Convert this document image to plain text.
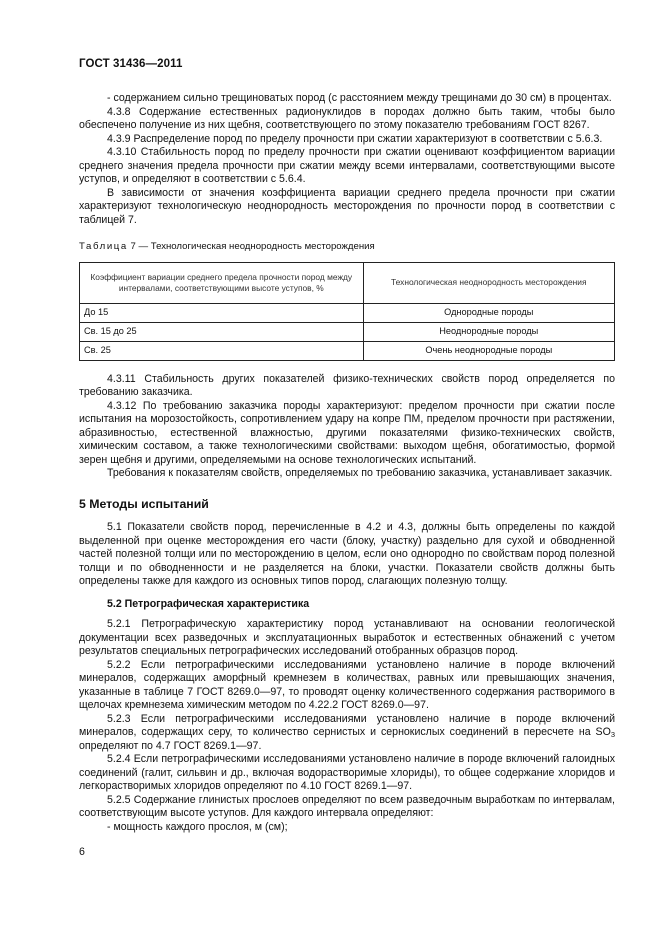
ГОСТ 31436—2011

- содержанием сильно трещиноватых пород (с расстоянием между трещинами до 30 см) в процентах.

4.3.8 Содержание естественных радионуклидов в породах должно быть таким, чтобы было обеспечено получение из них щебня, соответствующего по этому показателю требованиям ГОСТ 8267.

4.3.9 Распределение пород по пределу прочности при сжатии характеризуют в соответствии с 5.6.3.

4.3.10 Стабильность пород по пределу прочности при сжатии оценивают коэффициентом вариации среднего значения предела прочности при сжатии между всеми интервалами, соответствующими высоте уступов, и определяют в соответствии с 5.6.4.

В зависимости от значения коэффициента вариации среднего предела прочности при сжатии характеризуют технологическую неоднородность месторождения по прочности пород в соответствии с таблицей 7.

Таблица 7 — Технологическая неоднородность месторождения
Коэффициент вариации среднего предела прочности пород между интервалами, соответствующими высоте уступов, %	Технологическая неоднородность месторождения
До 15	Однородные породы
Св. 15 до 25	Неоднородные породы
Св. 25	Очень неоднородные породы

4.3.11 Стабильность других показателей физико-технических свойств пород определяется по требованию заказчика.

4.3.12 По требованию заказчика породы характеризуют: пределом прочности при сжатии после испытания на морозостойкость, сопротивлением удару на копре ПМ, пределом прочности при растяжении, абразивностью, естественной влажностью, другими показателями физико-технических свойств, химическим составом, а также технологическими свойствами: выходом щебня, обогатимостью, формой зерен щебня и другими, определяемыми на основе технологических испытаний.

Требования к показателям свойств, определяемых по требованию заказчика, устанавливает заказчик.

5 Методы испытаний

5.1 Показатели свойств пород, перечисленные в 4.2 и 4.3, должны быть определены по каждой выделенной при оценке месторождения его части (блоку, участку) раздельно для сухой и обводненной частей полезной толщи или по месторождению в целом, если оно однородно по свойствам пород полезной толщи и по обводненности и не разделяется на блоки, участки. Показатели свойств должны быть определены также для каждого из основных типов пород, слагающих полезную толщу.

5.2 Петрографическая характеристика

5.2.1 Петрографическую характеристику пород устанавливают на основании геологической документации всех разведочных и эксплуатационных выработок и естественных обнажений с учетом результатов специальных петрографических исследований отобранных образцов пород.

5.2.2 Если петрографическими исследованиями установлено наличие в породе включений минералов, содержащих аморфный кремнезем в количествах, равных или превышающих значения, указанные в таблице 7 ГОСТ 8269.0—97, то проводят оценку количественного содержания растворимого в щелочах кремнезема химическим методом по 4.22.2 ГОСТ 8269.0—97.

5.2.3 Если петрографическими исследованиями установлено наличие в породе включений минералов, содержащих серу, то количество сернистых и сернокислых соединений в пересчете на $SO_3$ определяют по 4.7 ГОСТ 8269.1—97.

5.2.4 Если петрографическими исследованиями установлено наличие в породе включений галоидных соединений (галит, сильвин и др., включая водорастворимые хлориды), то общее содержание хлоридов и легкорастворимых хлоридов определяют по 4.10 ГОСТ 8269.1—97.

5.2.5 Содержание глинистых прослоев определяют по всем разведочным выработкам по интервалам, соответствующим высоте уступов. Для каждого интервала определяют:

- мощность каждого прослоя, м (см);

6
